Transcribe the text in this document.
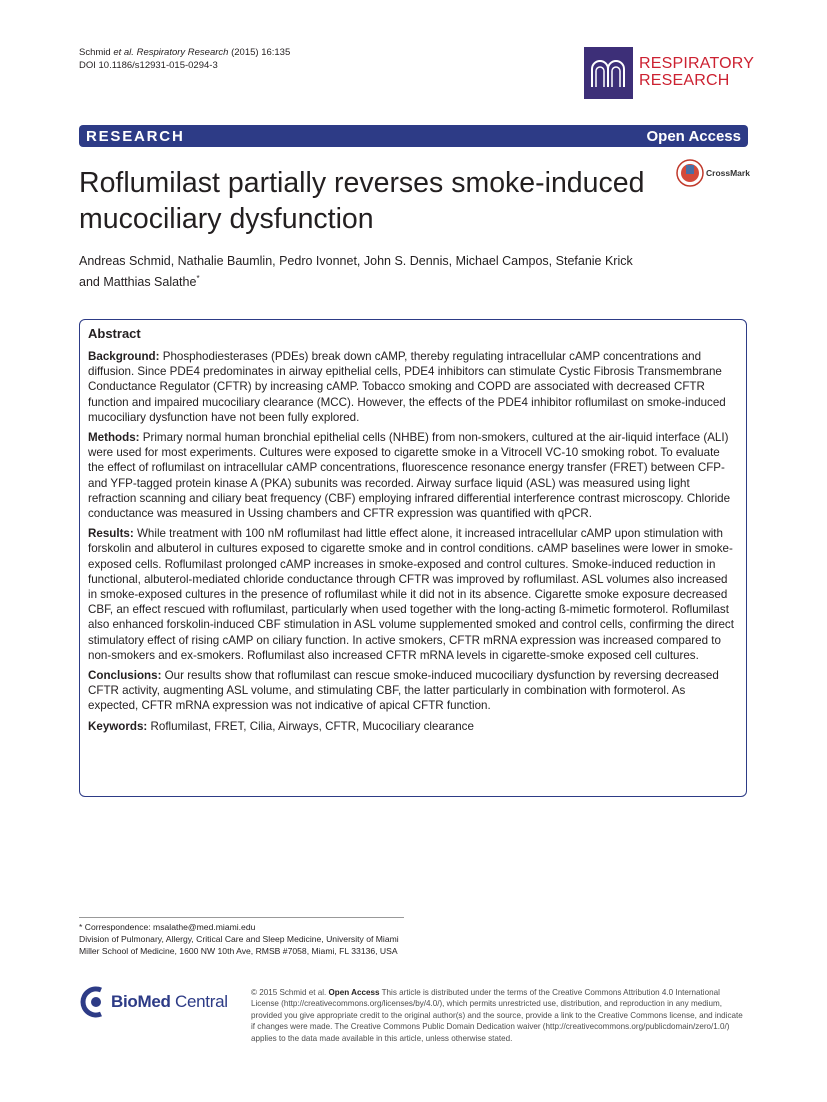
Schmid et al. Respiratory Research (2015) 16:135
DOI 10.1186/s12931-015-0294-3	RESPIRATORY
RESEARCH
RESEARCH	Open Access
Roflumilast partially reverses smoke-induced
mucociliary dysfunction
CrossMark
Andreas Schmid, Nathalie Baumlin, Pedro Ivonnet, John S. Dennis, Michael Campos, Stefanie Krick
and Matthias Salathe*
Abstract

Background: Phosphodiesterases (PDEs) break down cAMP, thereby regulating intracellular cAMP concentrations and diffusion. Since PDE4 predominates in airway epithelial cells, PDE4 inhibitors can stimulate Cystic Fibrosis Transmembrane Conductance Regulator (CFTR) by increasing cAMP. Tobacco smoking and COPD are associated with decreased CFTR function and impaired mucociliary clearance (MCC). However, the effects of the PDE4 inhibitor roflumilast on smoke-induced mucociliary dysfunction have not been fully explored.

Methods: Primary normal human bronchial epithelial cells (NHBE) from non-smokers, cultured at the air-liquid interface (ALI) were used for most experiments. Cultures were exposed to cigarette smoke in a Vitrocell VC-10 smoking robot. To evaluate the effect of roflumilast on intracellular cAMP concentrations, fluorescence resonance energy transfer (FRET) between CFP- and YFP-tagged protein kinase A (PKA) subunits was recorded. Airway surface liquid (ASL) was measured using light refraction scanning and ciliary beat frequency (CBF) employing infrared differential interference contrast microscopy. Chloride conductance was measured in Ussing chambers and CFTR expression was quantified with qPCR.

Results: While treatment with 100 nM roflumilast had little effect alone, it increased intracellular cAMP upon stimulation with forskolin and albuterol in cultures exposed to cigarette smoke and in control conditions. cAMP baselines were lower in smoke-exposed cells. Roflumilast prolonged cAMP increases in smoke-exposed and control cultures. Smoke-induced reduction in functional, albuterol-mediated chloride conductance through CFTR was improved by roflumilast. ASL volumes also increased in smoke-exposed cultures in the presence of roflumilast while it did not in its absence. Cigarette smoke exposure decreased CBF, an effect rescued with roflumilast, particularly when used together with the long-acting ß-mimetic formoterol. Roflumilast also enhanced forskolin-induced CBF stimulation in ASL volume supplemented smoked and control cells, confirming the direct stimulatory effect of rising cAMP on ciliary function. In active smokers, CFTR mRNA expression was increased compared to non-smokers and ex-smokers. Roflumilast also increased CFTR mRNA levels in cigarette-smoke exposed cell cultures.

Conclusions: Our results show that roflumilast can rescue smoke-induced mucociliary dysfunction by reversing decreased CFTR activity, augmenting ASL volume, and stimulating CBF, the latter particularly in combination with formoterol. As expected, CFTR mRNA expression was not indicative of apical CFTR function.

Keywords: Roflumilast, FRET, Cilia, Airways, CFTR, Mucociliary clearance

* Correspondence: msalathe@med.miami.edu
Division of Pulmonary, Allergy, Critical Care and Sleep Medicine, University of Miami Miller School of Medicine, 1600 NW 10th Ave, RMSB #7058, Miami, FL 33136, USA
BioMed Central	© 2015 Schmid et al. Open Access This article is distributed under the terms of the Creative Commons Attribution 4.0 International License (http://creativecommons.org/licenses/by/4.0/), which permits unrestricted use, distribution, and reproduction in any medium, provided you give appropriate credit to the original author(s) and the source, provide a link to the Creative Commons license, and indicate if changes were made. The Creative Commons Public Domain Dedication waiver (http://creativecommons.org/publicdomain/zero/1.0/) applies to the data made available in this article, unless otherwise stated.
